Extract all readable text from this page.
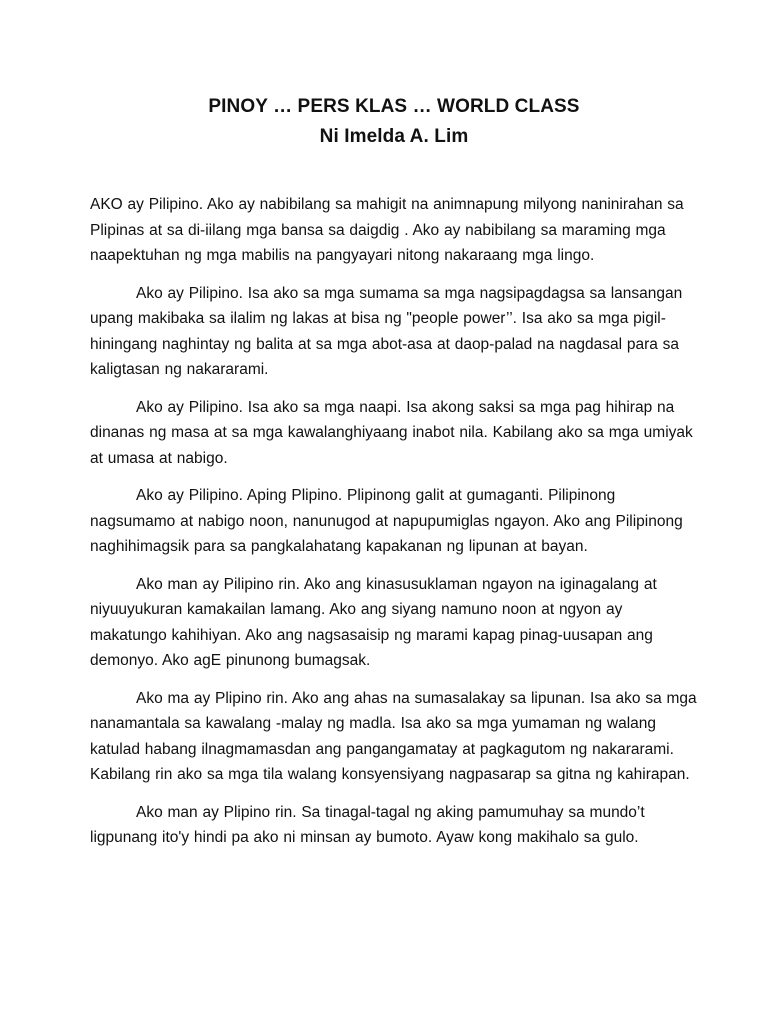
PINOY … PERS KLAS … WORLD CLASS
Ni Imelda A. Lim

AKO ay Pilipino. Ako ay nabibilang sa mahigit na animnapung milyong naninirahan sa Plipinas at sa di-iilang mga bansa sa daigdig . Ako ay nabibilang sa maraming mga naapektuhan ng mga mabilis na pangyayari nitong nakaraang mga lingo.

Ako ay Pilipino. Isa ako sa mga sumama sa mga nagsipagdagsa sa lansangan upang makibaka sa ilalim ng lakas at bisa ng "people power’’. Isa ako sa mga pigil- hiningang naghintay ng balita at sa mga abot-asa at daop-palad na nagdasal para sa kaligtasan ng nakararami.

Ako ay Pilipino. Isa ako sa mga naapi. Isa akong saksi sa mga pag hihirap na dinanas ng masa at sa mga kawalanghiyaang inabot nila. Kabilang ako sa mga umiyak at umasa at nabigo.

Ako ay Pilipino. Aping Plipino. Plipinong galit at gumaganti. Pilipinong nagsumamo at nabigo noon, nanunugod at napupumiglas ngayon. Ako ang Pilipinong naghihimagsik para sa pangkalahatang kapakanan ng lipunan at bayan.

Ako man ay Pilipino rin. Ako ang kinasusuklaman ngayon na iginagalang at niyuuyukuran kamakailan lamang. Ako ang siyang namuno noon at ngyon ay makatungo kahihiyan. Ako ang nagsasaisip ng marami kapag pinag-uusapan ang demonyo. Ako agE pinunong bumagsak.

Ako ma ay Plipino rin. Ako ang ahas na sumasalakay sa lipunan. Isa ako sa mga nanamantala sa kawalang -malay ng madla. Isa ako sa mga yumaman ng walang katulad habang ilnagmamasdan ang pangangamatay at pagkagutom ng nakararami. Kabilang rin ako sa mga tila walang konsyensiyang nagpasarap sa gitna ng kahirapan.

Ako man ay Plipino rin. Sa tinagal-tagal ng aking pamumuhay sa mundo’t ligpunang ito'y hindi pa ako ni minsan ay bumoto. Ayaw kong makihalo sa gulo.
